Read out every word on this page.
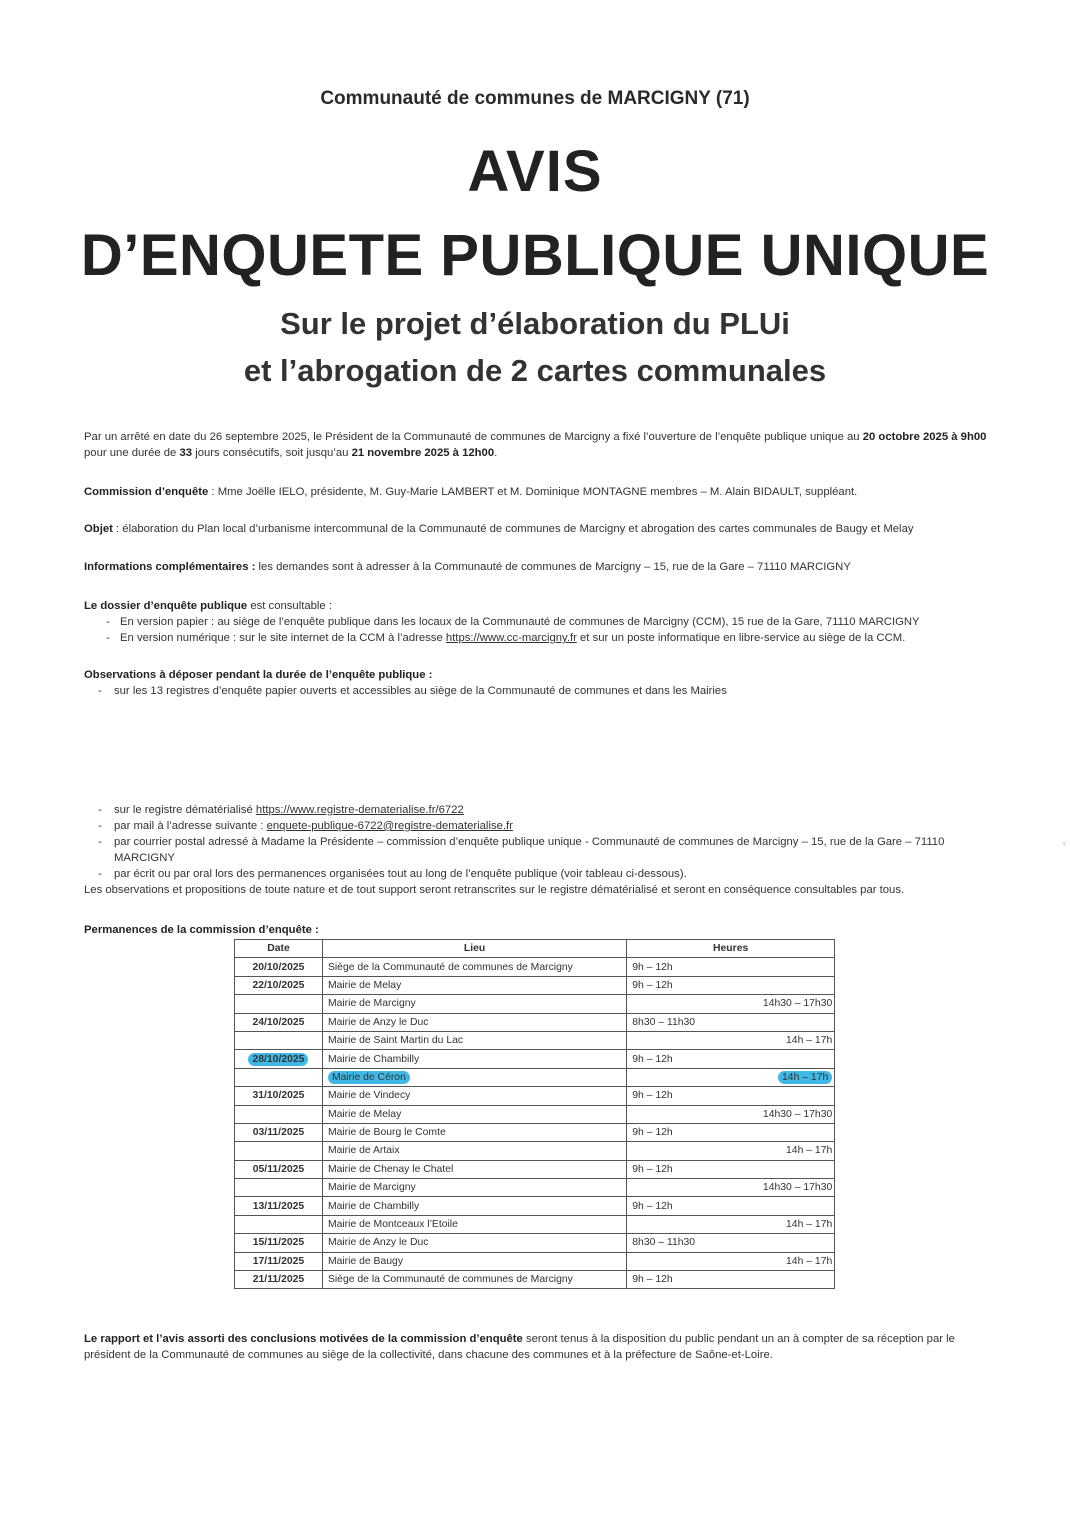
Communauté de communes de MARCIGNY (71)
AVIS
D’ENQUETE PUBLIQUE UNIQUE
Sur le projet d’élaboration du PLUi
et l’abrogation de 2 cartes communales
Par un arrêté en date du 26 septembre 2025, le Président de la Communauté de communes de Marcigny a fixé l’ouverture de l’enquête publique unique au 20 octobre 2025 à 9h00 pour une durée de 33 jours consécutifs, soit jusqu’au 21 novembre 2025 à 12h00.
Commission d’enquête : Mme Joëlle IELO, présidente, M. Guy-Marie LAMBERT et M. Dominique MONTAGNE membres – M. Alain BIDAULT, suppléant.
Objet : élaboration du Plan local d’urbanisme intercommunal de la Communauté de communes de Marcigny et abrogation des cartes communales de Baugy et Melay
Informations complémentaires : les demandes sont à adresser à la Communauté de communes de Marcigny – 15, rue de la Gare – 71110 MARCIGNY
Le dossier d’enquête publique est consultable :
- En version papier : au siège de l’enquête publique dans les locaux de la Communauté de communes de Marcigny (CCM), 15 rue de la Gare, 71110 MARCIGNY
- En version numérique : sur le site internet de la CCM à l’adresse https://www.cc-marcigny.fr et sur un poste informatique en libre-service au siège de la CCM.
Observations à déposer pendant la durée de l’enquête publique :
- sur les 13 registres d’enquête papier ouverts et accessibles au siège de la Communauté de communes et dans les Mairies
- sur le registre dématérialisé https://www.registre-dematerialise.fr/6722
- par mail à l’adresse suivante : enquete-publique-6722@registre-dematerialise.fr
- par courrier postal adressé à Madame la Présidente – commission d’enquête publique unique - Communauté de communes de Marcigny – 15, rue de la Gare – 71110 MARCIGNY
- par écrit ou par oral lors des permanences organisées tout au long de l’enquête publique (voir tableau ci-dessous).
Les observations et propositions de toute nature et de tout support seront retranscrites sur le registre dématérialisé et seront en conséquence consultables par tous.
Permanences de la commission d’enquête :
Date	Lieu	Heures
20/10/2025	Siège de la Communauté de communes de Marcigny	9h – 12h
22/10/2025	Mairie de Melay	9h – 12h
	Mairie de Marcigny	14h30 – 17h30
24/10/2025	Mairie de Anzy le Duc	8h30 – 11h30
	Mairie de Saint Martin du Lac	14h – 17h
28/10/2025	Mairie de Chambilly	9h – 12h
	Mairie de Céron	14h – 17h
31/10/2025	Mairie de Vindecy	9h – 12h
	Mairie de Melay	14h30 – 17h30
03/11/2025	Mairie de Bourg le Comte	9h – 12h
	Mairie de Artaix	14h – 17h
05/11/2025	Mairie de Chenay le Chatel	9h – 12h
	Mairie de Marcigny	14h30 – 17h30
13/11/2025	Mairie de Chambilly	9h – 12h
	Mairie de Montceaux l’Etoile	14h – 17h
15/11/2025	Mairie de Anzy le Duc	8h30 – 11h30
17/11/2025	Mairie de Baugy	14h – 17h
21/11/2025	Siège de la Communauté de communes de Marcigny	9h – 12h
Le rapport et l’avis assorti des conclusions motivées de la commission d’enquête seront tenus à la disposition du public pendant un an à compter de sa réception par le président de la Communauté de communes au siège de la collectivité, dans chacune des communes et à la préfecture de Saône-et-Loire.
‹
